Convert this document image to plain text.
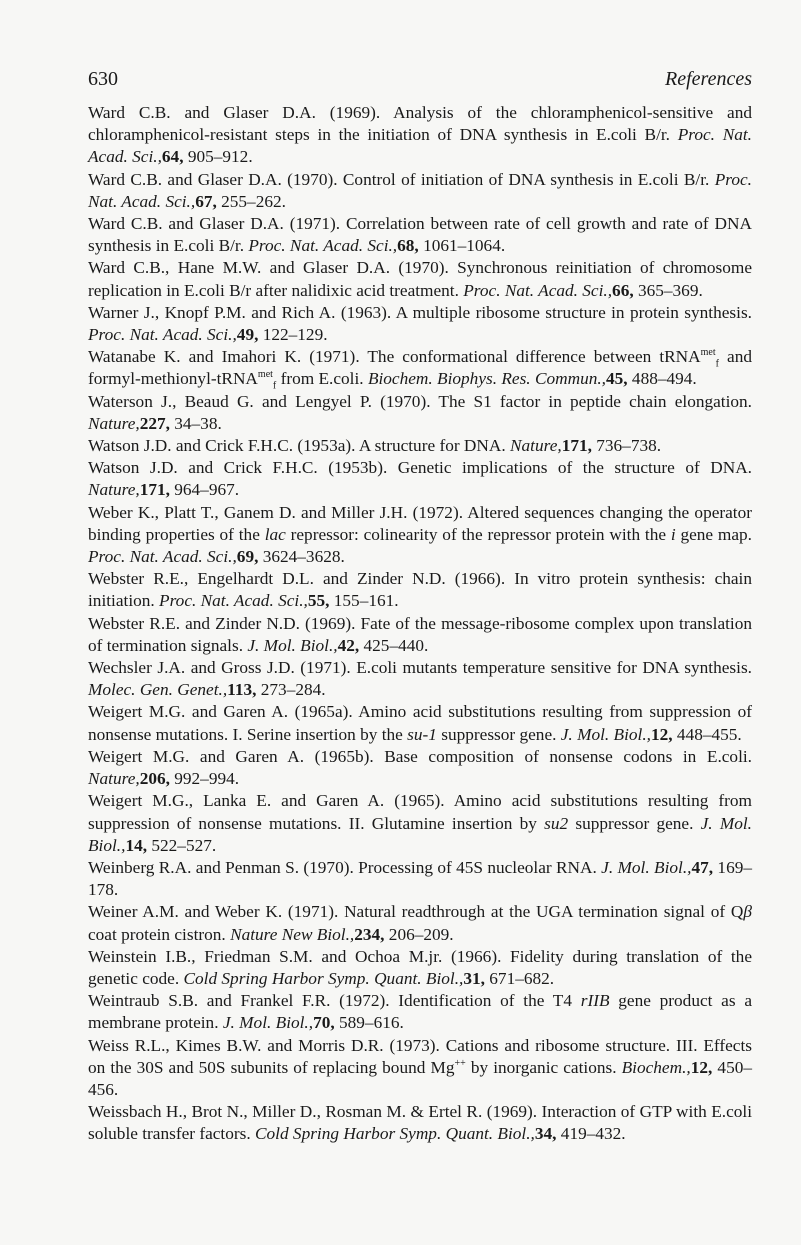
630	References
Ward C.B. and Glaser D.A. (1969). Analysis of the chloramphenicol-sensitive and chloramphenicol-resistant steps in the initiation of DNA synthesis in E.coli B/r. Proc. Nat. Acad. Sci.,64, 905–912.
Ward C.B. and Glaser D.A. (1970). Control of initiation of DNA synthesis in E.coli B/r. Proc. Nat. Acad. Sci.,67, 255–262.
Ward C.B. and Glaser D.A. (1971). Correlation between rate of cell growth and rate of DNA synthesis in E.coli B/r. Proc. Nat. Acad. Sci.,68, 1061–1064.
Ward C.B., Hane M.W. and Glaser D.A. (1970). Synchronous reinitiation of chromosome replication in E.coli B/r after nalidixic acid treatment. Proc. Nat. Acad. Sci.,66, 365–369.
Warner J., Knopf P.M. and Rich A. (1963). A multiple ribosome structure in protein synthesis. Proc. Nat. Acad. Sci.,49, 122–129.
Watanabe K. and Imahori K. (1971). The conformational difference between tRNA$^{met}_f$ and formyl-methionyl-tRNA$^{met}_f$ from E.coli. Biochem. Biophys. Res. Commun.,45, 488–494.
Waterson J., Beaud G. and Lengyel P. (1970). The S1 factor in peptide chain elongation. Nature,227, 34–38.
Watson J.D. and Crick F.H.C. (1953a). A structure for DNA. Nature,171, 736–738.
Watson J.D. and Crick F.H.C. (1953b). Genetic implications of the structure of DNA. Nature,171, 964–967.
Weber K., Platt T., Ganem D. and Miller J.H. (1972). Altered sequences changing the operator binding properties of the lac repressor: colinearity of the repressor protein with the i gene map. Proc. Nat. Acad. Sci.,69, 3624–3628.
Webster R.E., Engelhardt D.L. and Zinder N.D. (1966). In vitro protein synthesis: chain initiation. Proc. Nat. Acad. Sci.,55, 155–161.
Webster R.E. and Zinder N.D. (1969). Fate of the message-ribosome complex upon translation of termination signals. J. Mol. Biol.,42, 425–440.
Wechsler J.A. and Gross J.D. (1971). E.coli mutants temperature sensitive for DNA synthesis. Molec. Gen. Genet.,113, 273–284.
Weigert M.G. and Garen A. (1965a). Amino acid substitutions resulting from suppression of nonsense mutations. I. Serine insertion by the su-1 suppressor gene. J. Mol. Biol.,12, 448–455.
Weigert M.G. and Garen A. (1965b). Base composition of nonsense codons in E.coli. Nature,206, 992–994.
Weigert M.G., Lanka E. and Garen A. (1965). Amino acid substitutions resulting from suppression of nonsense mutations. II. Glutamine insertion by su2 suppressor gene. J. Mol. Biol.,14, 522–527.
Weinberg R.A. and Penman S. (1970). Processing of 45S nucleolar RNA. J. Mol. Biol.,47, 169–178.
Weiner A.M. and Weber K. (1971). Natural readthrough at the UGA termination signal of Qβ coat protein cistron. Nature New Biol.,234, 206–209.
Weinstein I.B., Friedman S.M. and Ochoa M.jr. (1966). Fidelity during translation of the genetic code. Cold Spring Harbor Symp. Quant. Biol.,31, 671–682.
Weintraub S.B. and Frankel F.R. (1972). Identification of the T4 rIIB gene product as a membrane protein. J. Mol. Biol.,70, 589–616.
Weiss R.L., Kimes B.W. and Morris D.R. (1973). Cations and ribosome structure. III. Effects on the 30S and 50S subunits of replacing bound Mg++ by inorganic cations. Biochem.,12, 450–456.
Weissbach H., Brot N., Miller D., Rosman M. & Ertel R. (1969). Interaction of GTP with E.coli soluble transfer factors. Cold Spring Harbor Symp. Quant. Biol.,34, 419–432.
